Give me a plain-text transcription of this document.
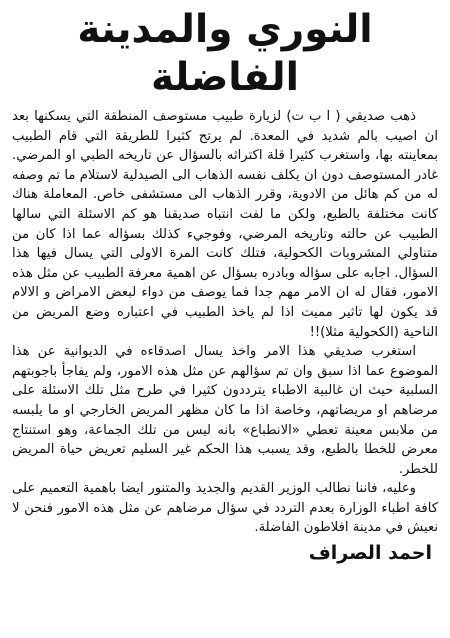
النوري والمدينة الفاضلة

ذهب صديقي ( ا ب ت) لزيارة طبيب مستوصف المنطقة التي يسكنها بعد ان اصيب بالم شديد في المعدة. لم يرتح كثيرا للطريقة التي قام الطبيب بمعاينته بها، واستغرب كثيرا قلة اكتراثه بالسؤال عن تاريخه الطبي او المرضي. غادر المستوصف دون ان يكلف نفسه الذهاب الى الصيدلية لاستلام ما تم وصفه له من كم هائل من الادوية، وقرر الذهاب الى مستشفى خاص. المعاملة هناك كانت مختلفة بالطبع، ولكن ما لفت انتباه صديقنا هو كم الاسئلة التي سالها الطبيب عن حالته وتاريخه المرضي، وفوجيء كذلك بسؤاله عما اذا كان من متناولي المشروبات الكحولية، فتلك كانت المرة الاولى التي يسال فيها هذا السؤال. اجابه على سؤاله وبادره بسؤال عن اهمية معرفة الطبيب عن مثل هذه الامور، فقال له ان الامر مهم جدا فما يوصف من دواء لبعض الامراض و الالام قد يكون لها تاثير مميت اذا لم ياخذ الطبيب في اعتباره وضع المريض من الناحية (الكحولية مثلا)!!

استغرب صديقي هذا الامر واخذ يسال اصدقاءه في الديوانية عن هذا الموضوع عما اذا سبق وان تم سؤالهم عن مثل هذه الامور، ولم يفاجأ باجوبتهم السلبية حيث ان غالبية الاطباء يترددون كثيرا في طرح مثل تلك الاسئلة على مرضاهم او مريضاتهم، وخاصة اذا ما كان مظهر المريض الخارجي او ما يلبسه من ملابس معينة تعطي «الانطباع» بانه ليس من تلك الجماعة، وهو استنتاج معرض للخطا بالطبع، وقد يسبب هذا الحكم غير السليم تعريض حياة المريض للخطر.

وعليه، فاننا نطالب الوزير القديم والجديد والمتنور ايضا باهمية التعميم على كافة اطباء الوزارة بعدم التردد في سؤال مرضاهم عن مثل هذه الامور فنحن لا نعيش في مدينة افلاطون الفاضلة.

احمد الصراف
